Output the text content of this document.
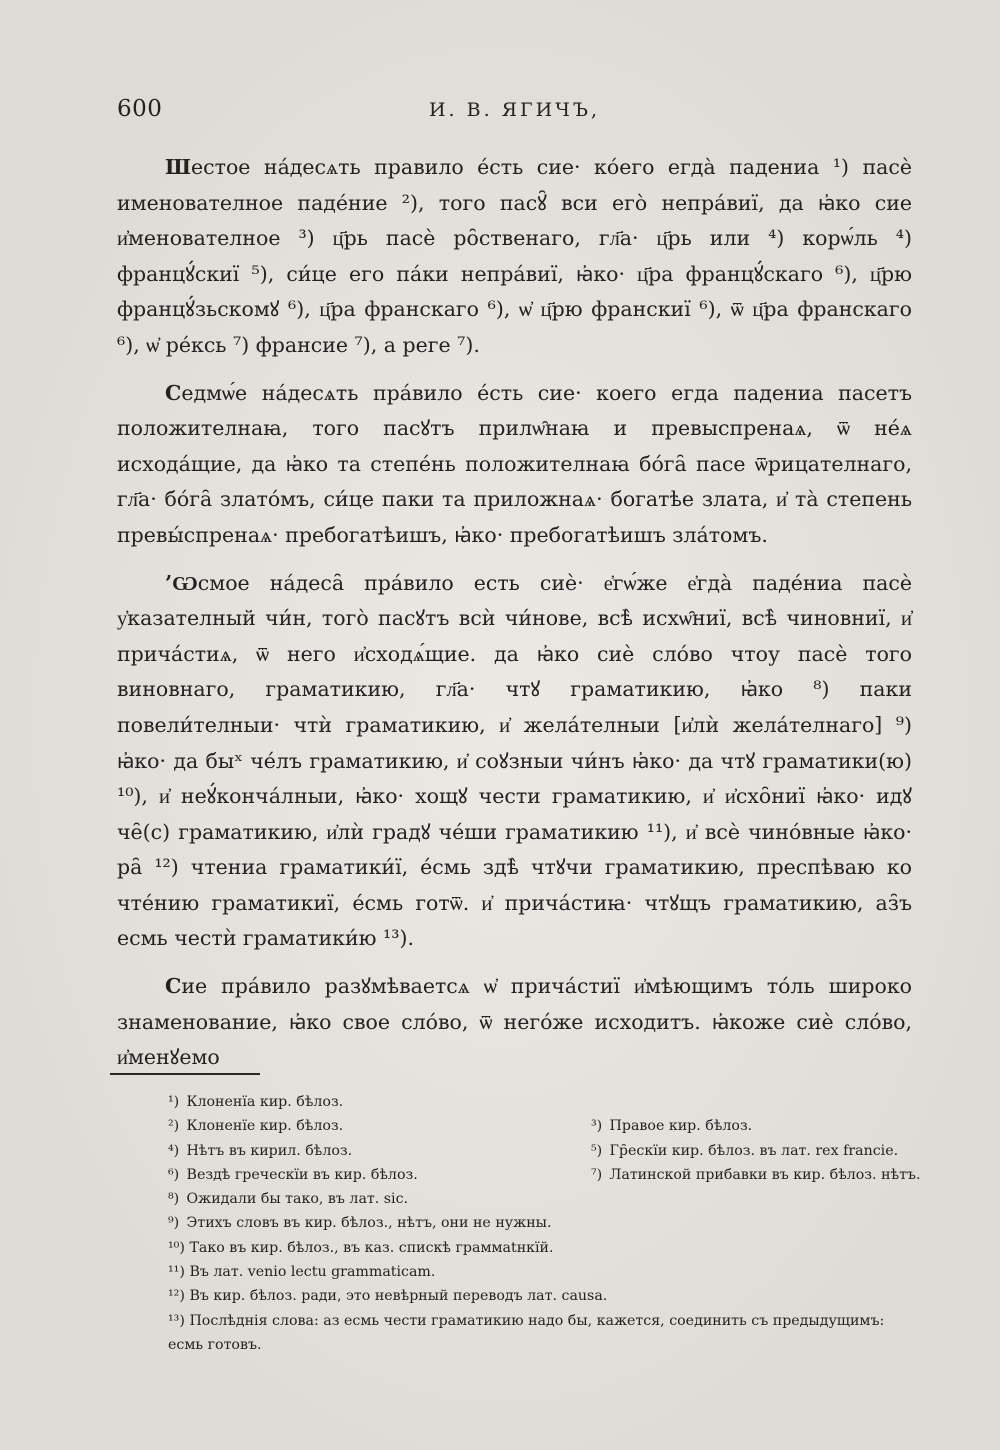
600	И. В. ЯГИЧЪ,

Шестое на́десѧть правило е́сть сие· ко́его егда̀ падениа ¹) пасѐ именователное паде́ние ²), того пасꙋ̑ вси его̀ непра́виї, да ꙗ҆ко сие и҆менователное ³) ц҃рь пасѐ ро̑ственаго, гл҃а· ц҃рь или ⁴) корѡ́ль ⁴) францꙋ́скиї ⁵), си́це его па́ки непра́виї, ꙗ҆ко· ц҃ра францꙋ́скаго ⁶), ц҃рю францꙋ́зьскомꙋ ⁶), ц҃ра франскаго ⁶), ѡ҆ ц҃рю франскиї ⁶), ѿ ц҃ра франскаго ⁶), ѡ҆ ре́ксь ⁷) франсие ⁷), а реге ⁷).

Седмѡ́е на́десѧть пра́вило е́сть сие· коего егда падениа пасетъ положителнаꙗ, того пасꙋтъ прилѡ̑наꙗ и превыспренаѧ, ѿ не́ѧ исхода́щие, да ꙗ҆ко та степе́нь положителнаꙗ бо́га̑ пасе ѿрицателнаго, гл҃а· бо́га̑ злато́мъ, си́це паки та приложнаѧ· богатѣе злата, и҆ та̀ степень превы́спренаѧ· пребогатѣишъ, ꙗ҆ко· пребогатѣишъ зла́томъ.

’Ѡсмое на́деса̑ пра́вило есть сиѐ· е҆гѡ́же е҆гда̀ паде́ниа пасѐ у҆казателный чи́н, того̀ пасꙋтъ всѝ чи́нове, всѣ̀ исхѡ̑ниї, всѣ̀ чиновниї, и҆ прича́стиѧ, ѿ него и҆сходѧ́щие. да ꙗ҆ко сиѐ сло́во чтоу пасѐ того виновнаго, граматикию, гл҃а· чтꙋ граматикию, ꙗ҆ко ⁸) паки повели́телныи· чтѝ граматикию, и҆ жела́телныи [и҆лѝ жела́телнаго] ⁹) ꙗ҆ко· да быˣ че́лъ граматикию, и҆ соꙋзныи чи́нъ ꙗ҆ко· да чтꙋ граматики(ю) ¹⁰), и҆ неꙋ́конча́лныи, ꙗ҆ко· хощꙋ чести граматикию, и҆ и҆схо̑ниї ꙗ҆ко· идꙋ че̑(с) граматикию, и҆лѝ градꙋ че́ши граматикию ¹¹), и҆ всѐ чино́вные ꙗ҆ко· ра̑ ¹²) чтениа граматики́ї, е́смь здѣ̀ чтꙋчи граматикию, преспѣваю ко чте́нию граматикиї, е́смь готѿ. и҆ прича́стиꙗ· чтꙋщъ граматикию, аз̑ъ есмь честѝ граматики́ю ¹³).

Сие пра́вило разꙋмѣваетсѧ ѡ҆ прича́стиї и҆мѣющимъ то́ль широко знаменование, ꙗ҆ко свое сло́во, ѿ него́же исходитъ. ꙗ҆коже сиѐ сло́во, и҆менꙋемо

¹) Клоненїа кир. бѣлоз.
²) Клоненїе кир. бѣлоз.	³) Правое кир. бѣлоз.
⁴) Нѣтъ въ кирил. бѣлоз.	⁵) Гр̑ескїи кир. бѣлоз. въ лат. rex francie.
⁶) Вездѣ греческїи въ кир. бѣлоз.	⁷) Латинской прибавки въ кир. бѣлоз. нѣтъ.
⁸) Ожидали бы тако, въ лат. sic.
⁹) Этихъ словъ въ кир. бѣлоз., нѣтъ, они не нужны.
¹⁰) Тако въ кир. бѣлоз., въ каз. спискѣ граммаtнкїй.
¹¹) Въ лат. venio lectu grammaticam.
¹²) Въ кир. бѣлоз. ради, это невѣрный переводъ лат. causa.
¹³) Послѣднія слова: аз есмь чести граматикию надо бы, кажется, соединить съ предыдущимъ: есмь готовъ.
